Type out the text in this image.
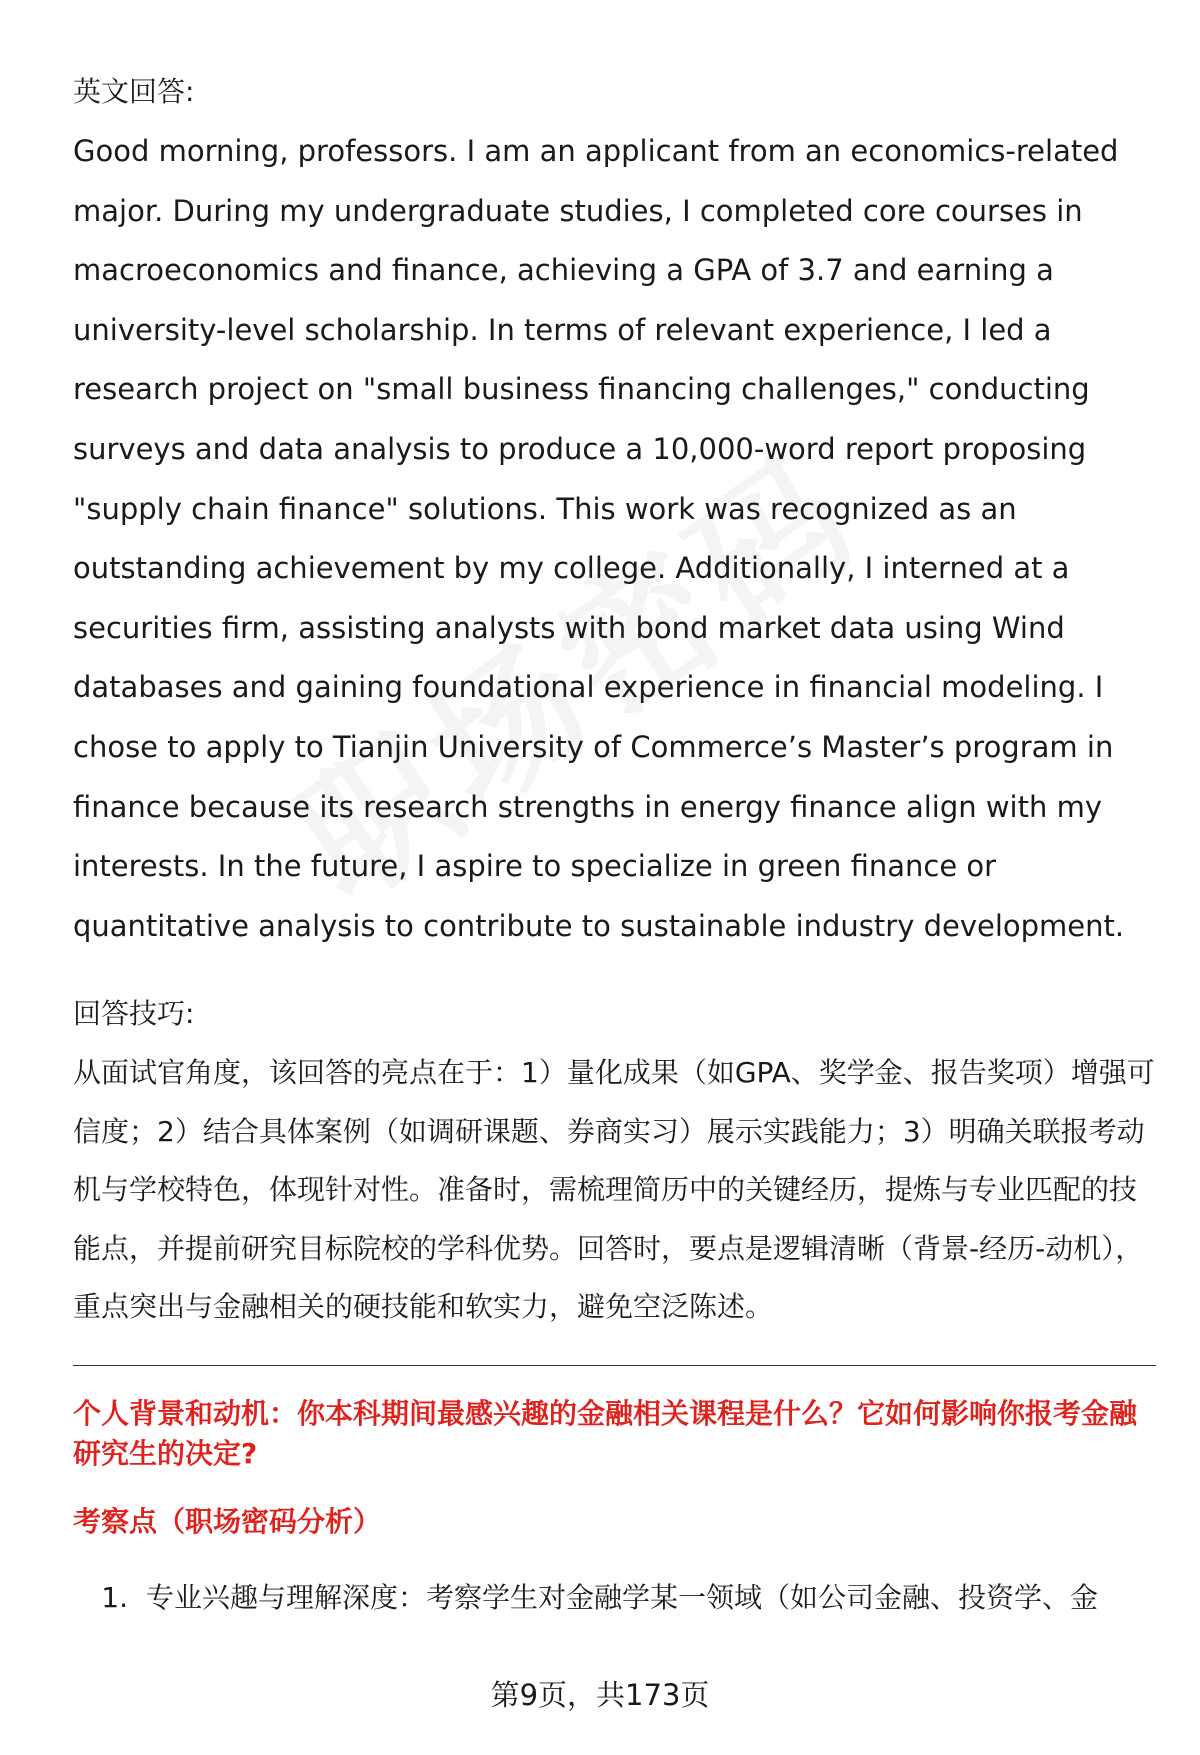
英文回答:

Good morning, professors. I am an applicant from an economics-related major. During my undergraduate studies, I completed core courses in macroeconomics and finance, achieving a GPA of 3.7 and earning a university-level scholarship. In terms of relevant experience, I led a research project on "small business financing challenges," conducting surveys and data analysis to produce a 10,000-word report proposing "supply chain finance" solutions. This work was recognized as an outstanding achievement by my college. Additionally, I interned at a securities firm, assisting analysts with bond market data using Wind databases and gaining foundational experience in financial modeling. I chose to apply to Tianjin University of Commerce’s Master’s program in finance because its research strengths in energy finance align with my interests. In the future, I aspire to specialize in green finance or quantitative analysis to contribute to sustainable industry development.

回答技巧:

从面试官角度，该回答的亮点在于：1）量化成果（如GPA、奖学金、报告奖项）增强可信度；2）结合具体案例（如调研课题、券商实习）展示实践能力；3）明确关联报考动机与学校特色，体现针对性。准备时，需梳理简历中的关键经历，提炼与专业匹配的技能点，并提前研究目标院校的学科优势。回答时，要点是逻辑清晰（背景-经历-动机），重点突出与金融相关的硬技能和软实力，避免空泛陈述。

个人背景和动机：你本科期间最感兴趣的金融相关课程是什么？它如何影响你报考金融研究生的决定?

考察点（职场密码分析）

1. 专业兴趣与理解深度：考察学生对金融学某一领域（如公司金融、投资学、金
第9页，共173页
